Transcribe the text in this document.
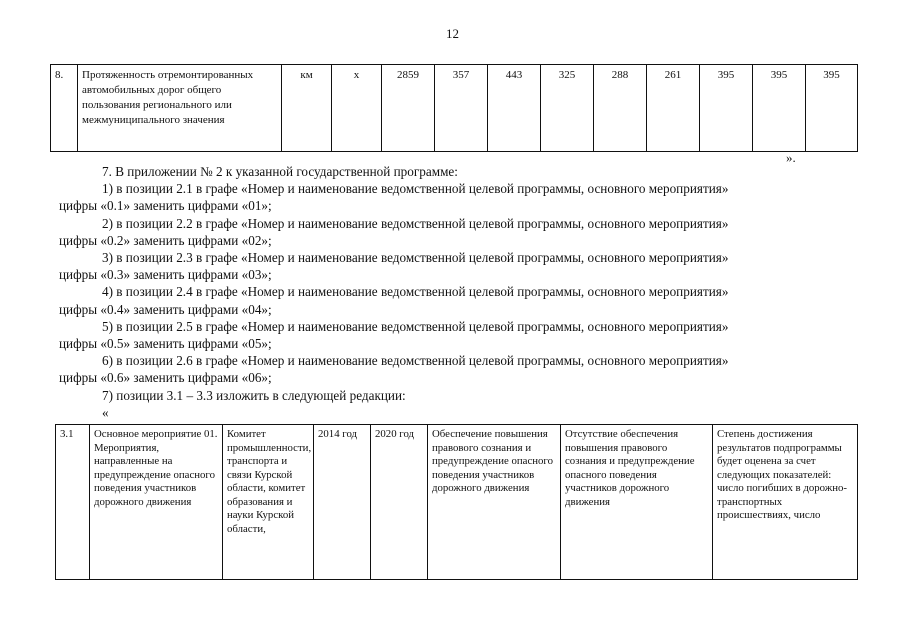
12
8.	Протяженность отремонтированных автомобильных дорог общего пользования регионального или межмуниципального значения	км	х	2859	357	443	325	288	261	395	395	395
».

7. В приложении № 2 к указанной государственной программе:

1) в позиции 2.1 в графе «Номер и наименование ведомственной целевой программы, основного мероприятия»
цифры «0.1» заменить цифрами «01»;

2) в позиции 2.2 в графе «Номер и наименование ведомственной целевой программы, основного мероприятия»
цифры «0.2» заменить цифрами «02»;

3) в позиции 2.3 в графе «Номер и наименование ведомственной целевой программы, основного мероприятия»
цифры «0.3» заменить цифрами «03»;

4) в позиции 2.4 в графе «Номер и наименование ведомственной целевой программы, основного мероприятия»
цифры «0.4» заменить цифрами «04»;

5) в позиции 2.5 в графе «Номер и наименование ведомственной целевой программы, основного мероприятия»
цифры «0.5» заменить цифрами «05»;

6) в позиции 2.6 в графе «Номер и наименование ведомственной целевой программы, основного мероприятия»
цифры «0.6» заменить цифрами «06»;

7) позиции 3.1 – 3.3 изложить в следующей редакции:

«

3.1	Основное мероприятие 01. Мероприятия, направленные на предупреждение опасного поведения участников дорожного движения	Комитет промышленности, транспорта и связи Курской области, комитет образования и науки Курской области,	2014 год	2020 год	Обеспечение повышения правового сознания и предупреждение опасного поведения участников дорожного движения	Отсутствие обеспечения повышения правового сознания и предупреждение опасного поведения участников дорожного движения	Степень достижения результатов подпрограммы будет оценена за счет следующих показателей: число погибших в дорожно-транспортных происшествиях, число
